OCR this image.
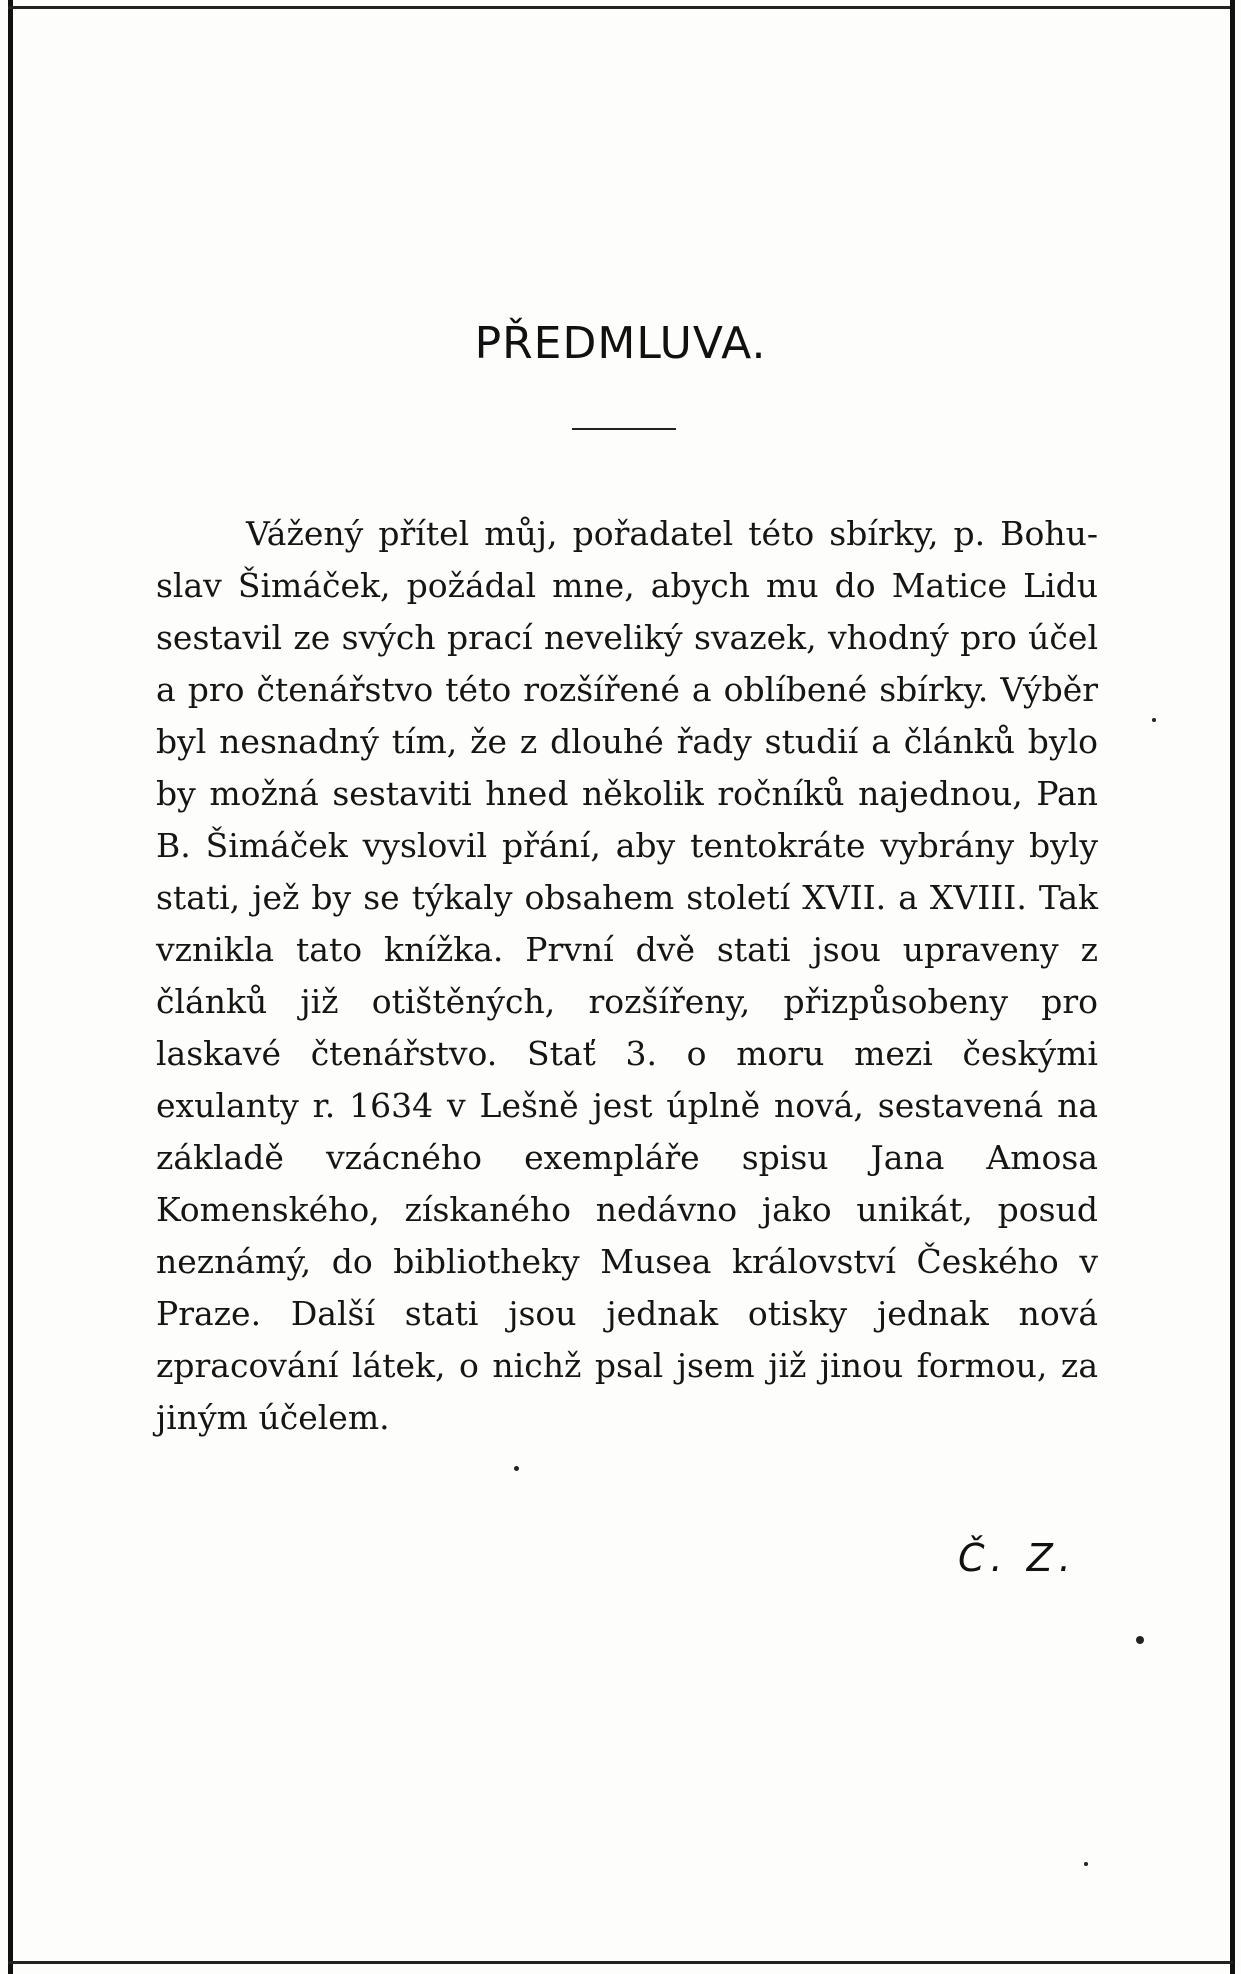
PŘEDMLUVA.

Vážený přítel můj, pořadatel této sbírky, p. Bohu-slav Šimáček, požádal mne, abych mu do Matice Lidu sestavil ze svých prací neveliký svazek, vhodný pro účel a pro čtenářstvo této rozšířené a oblíbené sbírky. Výběr byl nesnadný tím, že z dlouhé řady studií a článků bylo by možná sestaviti hned několik ročníků najednou, Pan B. Šimáček vyslovil přání, aby tentokráte vybrány byly stati, jež by se týkaly obsahem století XVII. a XVIII. Tak vznikla tato knížka. První dvě stati jsou upraveny z článků již otištěných, rozšířeny, přizpůsobeny pro laskavé čtenářstvo. Stať 3. o moru mezi českými exulanty r. 1634 v Lešně jest úplně nová, sestavená na základě vzácného exempláře spisu Jana Amosa Komenského, získaného nedávno jako unikát, posud neznámý, do bibliotheky Musea království Českého v Praze. Další stati jsou jednak otisky jednak nová zpracování látek, o nichž psal jsem již jinou formou, za jiným účelem.

Č. Z.
